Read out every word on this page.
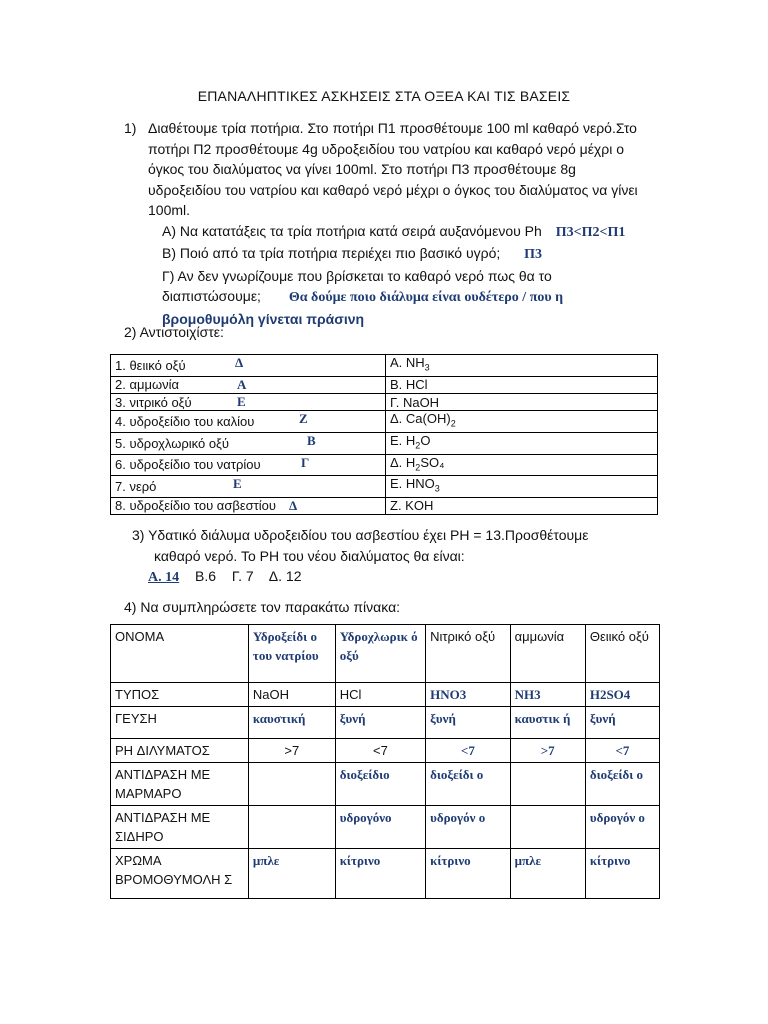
ΕΠΑΝΑΛΗΠΤΙΚΕΣ ΑΣΚΗΣΕΙΣ ΣΤΑ ΟΞΕΑ ΚΑΙ ΤΙΣ ΒΑΣΕΙΣ
1) Διαθέτουμε τρία ποτήρια. Στο ποτήρι Π1 προσθέτουμε 100 ml καθαρό νερό.Στο
ποτήρι Π2 προσθέτουμε 4g υδροξειδίου του νατρίου και καθαρό νερό μέχρι ο
όγκος του διαλύματος να γίνει 100ml. Στο ποτήρι Π3 προσθέτουμε 8g
υδροξειδίου του νατρίου και καθαρό νερό μέχρι ο όγκος του διαλύματος να γίνει
100ml.
Α) Να κατατάξεις τα τρία ποτήρια κατά σειρά αυξανόμενου Ph Π3<Π2<Π1
Β) Ποιό από τα τρία ποτήρια περιέχει πιο βασικό υγρό; Π3
Γ) Αν δεν γνωρίζουμε που βρίσκεται το καθαρό νερό πως θα το
διαπιστώσουμε; Θα δούμε ποιο διάλυμα είναι ουδέτερο / που η
βρομοθυμόλη γίνεται πράσινη
2) Αντιστοιχίστε:
1. θειικό οξύ Δ	Α. $NH_3$
2. αμμωνία Α	Β. HCl
3. νιτρικό οξύ Ε	Γ. NaOH
4. υδροξείδιο του καλίου Ζ	Δ. $Ca(OH)_2$
5. υδροχλωρικό οξύ Β	Ε. $H_2O$
6. υδροξείδιο του νατρίου Γ	Δ. $H_2SO_4$
7. νερό Ε	Ε. $HNO_3$
8. υδροξείδιο του ασβεστίου Δ	Ζ. KOH
3) Υδατικό διάλυμα υδροξειδίου του ασβεστίου έχει PH = 13.Προσθέτουμε
καθαρό νερό. Το PH του νέου διαλύματος θα είναι:
Α. 14 Β.6 Γ. 7 Δ. 12
4) Να συμπληρώσετε τον παρακάτω πίνακα:
ΟΝΟΜΑ	Υδροξείδι ο του νατρίου	Υδροχλωρικ ό οξύ	Νιτρικό οξύ	αμμωνία	Θειικό οξύ
ΤΥΠΟΣ	NaOH	HCl	HNO3	NH3	H2SO4
ΓΕΥΣΗ	καυστική	ξυνή	ξυνή	καυστικ ή	ξυνή
PH ΔΙΛΥΜΑΤΟΣ	>7	<7	<7	>7	<7
ΑΝΤΙΔΡΑΣΗ ΜΕ ΜΑΡΜΑΡΟ		διοξείδιο	διοξείδι ο		διοξείδι ο
ΑΝΤΙΔΡΑΣΗ ΜΕ ΣΙΔΗΡΟ		υδρογόνο	υδρογόν ο		υδρογόν ο
ΧΡΩΜΑ ΒΡΟΜΟΘΥΜΟΛΗ Σ	μπλε	κίτρινο	κίτρινο	μπλε	κίτρινο
